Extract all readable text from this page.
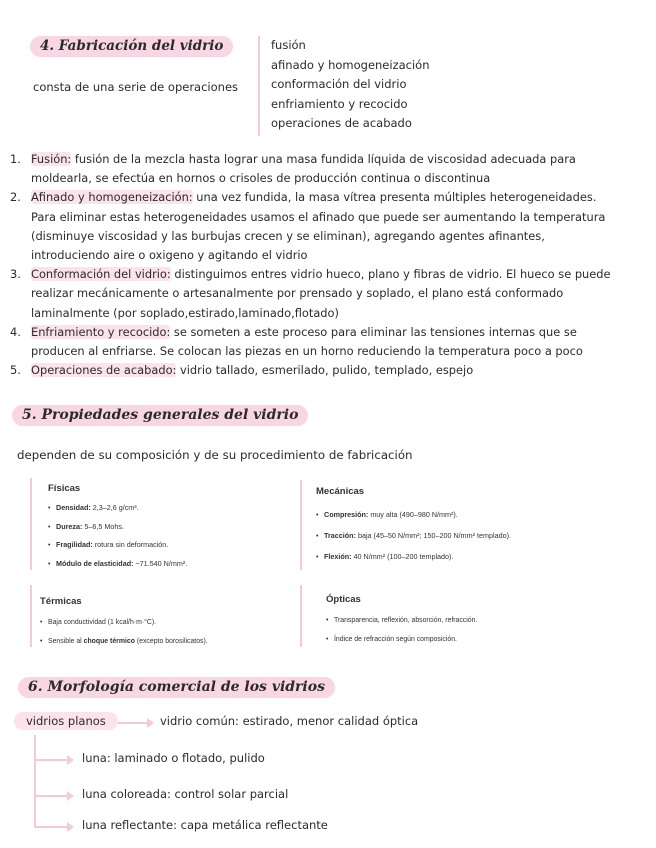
4. Fabricación del vidrio
consta de una serie de operaciones
fusión
afinado y homogeneización
conformación del vidrio
enfriamiento y recocido
operaciones de acabado
1. Fusión: fusión de la mezcla hasta lograr una masa fundida líquida de viscosidad adecuada para
moldearla, se efectúa en hornos o crisoles de producción continua o discontinua
2. Afinado y homogeneización: una vez fundida, la masa vítrea presenta múltiples heterogeneidades.
Para eliminar estas heterogeneidades usamos el afinado que puede ser aumentando la temperatura
(disminuye viscosidad y las burbujas crecen y se eliminan), agregando agentes afinantes,
introduciendo aire o oxigeno y agitando el vidrio
3. Conformación del vidrio: distinguimos entres vidrio hueco, plano y fibras de vidrio. El hueco se puede
realizar mecánicamente o artesanalmente por prensado y soplado, el plano está conformado
laminalmente (por soplado,estirado,laminado,flotado)
4. Enfriamiento y recocido: se someten a este proceso para eliminar las tensiones internas que se
producen al enfriarse. Se colocan las piezas en un horno reduciendo la temperatura poco a poco
5. Operaciones de acabado: vidrio tallado, esmerilado, pulido, templado, espejo
5. Propiedades generales del vidrio
dependen de su composición y de su procedimiento de fabricación
Físicas
• Densidad: 2,3–2,6 g/cm³.
• Dureza: 5–6,5 Mohs.
• Fragilidad: rotura sin deformación.
• Módulo de elasticidad: ~71.540 N/mm².
Mecánicas
• Compresión: muy alta (490–980 N/mm²).
• Tracción: baja (45–50 N/mm²; 150–200 N/mm² templado).
• Flexión: 40 N/mm² (100–200 templado).
Térmicas
• Baja conductividad (1 kcal/h·m·°C).
• Sensible al choque térmico (excepto borosilicatos).
Ópticas
• Transparencia, reflexión, absorción, refracción.
• Índice de refracción según composición.
6. Morfología comercial de los vidrios
vidrios planos	vidrio común: estirado, menor calidad óptica
luna: laminado o flotado, pulido
luna coloreada: control solar parcial
luna reflectante: capa metálica reflectante
